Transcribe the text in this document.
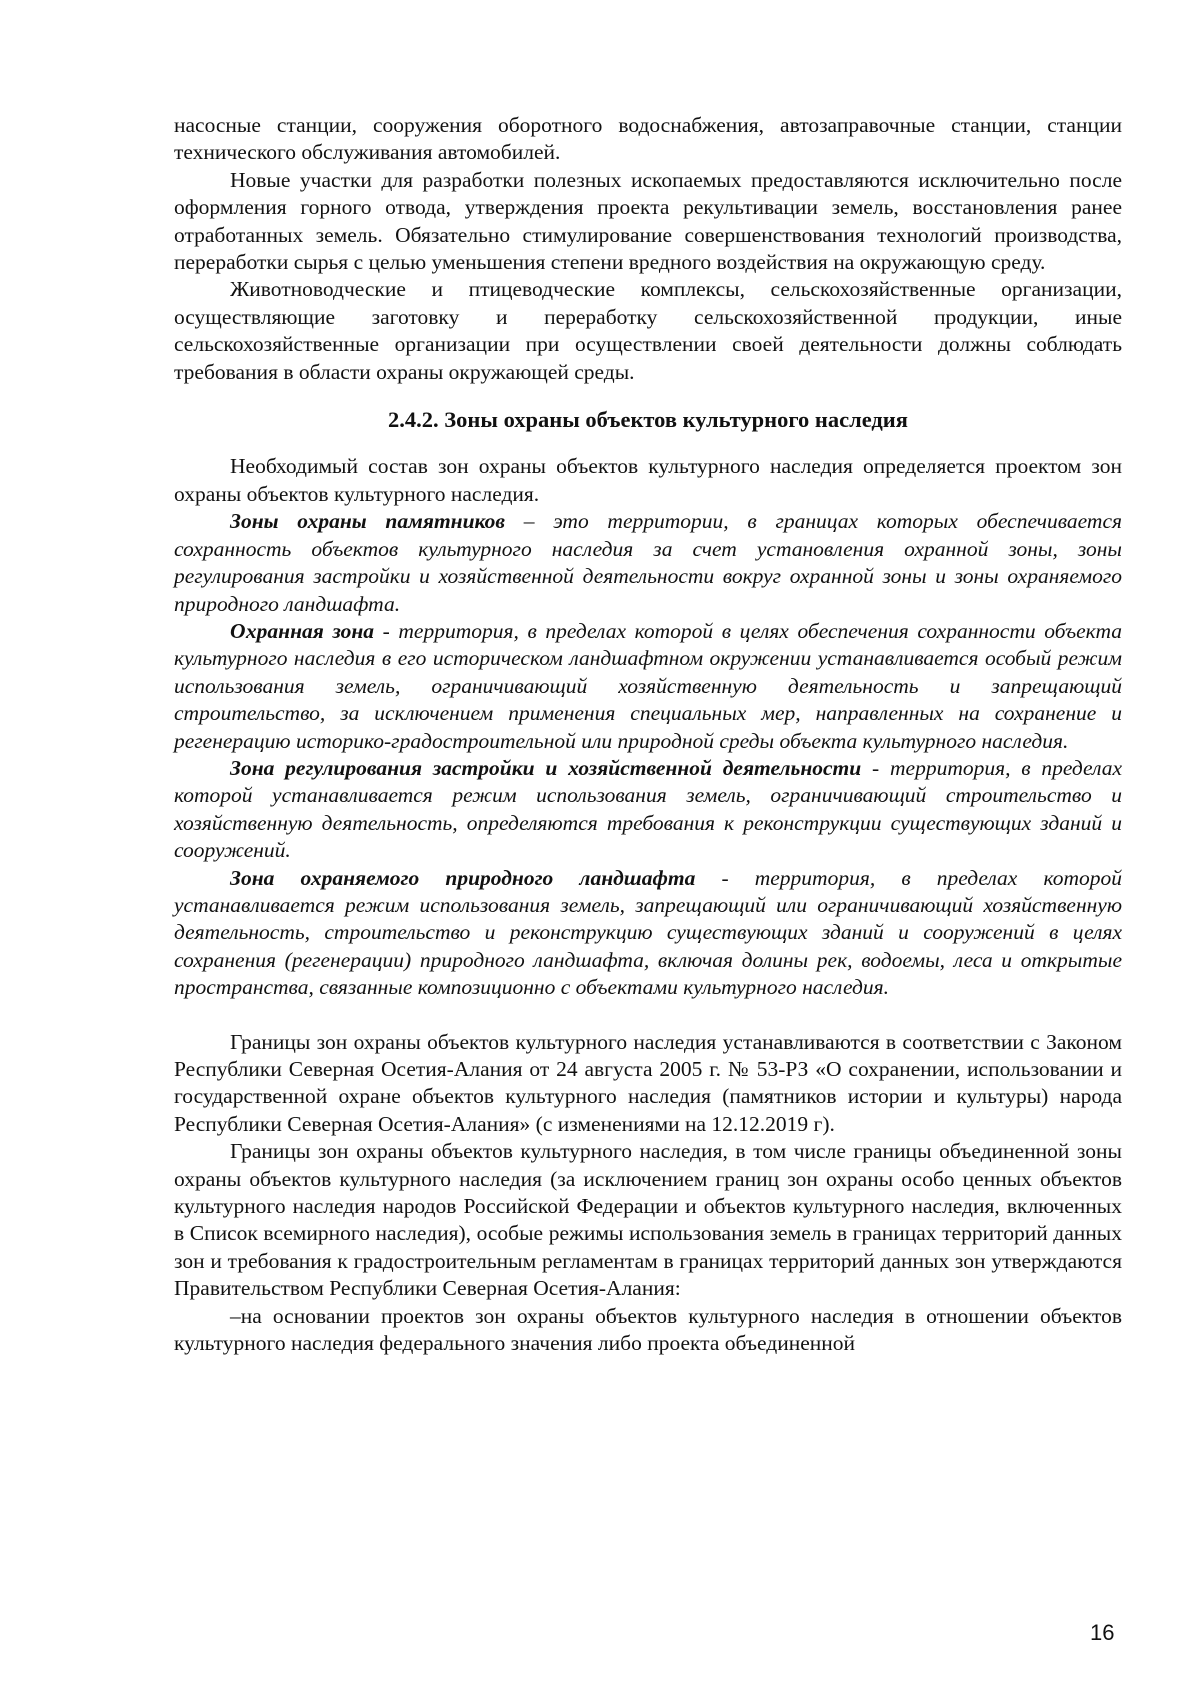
насосные станции, сооружения оборотного водоснабжения, автозаправочные станции, станции технического обслуживания автомобилей.

Новые участки для разработки полезных ископаемых предоставляются исключительно после оформления горного отвода, утверждения проекта рекультивации земель, восстановления ранее отработанных земель. Обязательно стимулирование совершенствования технологий производства, переработки сырья с целью уменьшения степени вредного воздействия на окружающую среду.

Животноводческие и птицеводческие комплексы, сельскохозяйственные организации, осуществляющие заготовку и переработку сельскохозяйственной продукции, иные сельскохозяйственные организации при осуществлении своей деятельности должны соблюдать требования в области охраны окружающей среды.

2.4.2. Зоны охраны объектов культурного наследия

Необходимый состав зон охраны объектов культурного наследия определяется проектом зон охраны объектов культурного наследия.

Зоны охраны памятников – это территории, в границах которых обеспечивается сохранность объектов культурного наследия за счет установления охранной зоны, зоны регулирования застройки и хозяйственной деятельности вокруг охранной зоны и зоны охраняемого природного ландшафта.

Охранная зона - территория, в пределах которой в целях обеспечения сохранности объекта культурного наследия в его историческом ландшафтном окружении устанавливается особый режим использования земель, ограничивающий хозяйственную деятельность и запрещающий строительство, за исключением применения специальных мер, направленных на сохранение и регенерацию историко-градостроительной или природной среды объекта культурного наследия.

Зона регулирования застройки и хозяйственной деятельности - территория, в пределах которой устанавливается режим использования земель, ограничивающий строительство и хозяйственную деятельность, определяются требования к реконструкции существующих зданий и сооружений.

Зона охраняемого природного ландшафта - территория, в пределах которой устанавливается режим использования земель, запрещающий или ограничивающий хозяйственную деятельность, строительство и реконструкцию существующих зданий и сооружений в целях сохранения (регенерации) природного ландшафта, включая долины рек, водоемы, леса и открытые пространства, связанные композиционно с объектами культурного наследия.

Границы зон охраны объектов культурного наследия устанавливаются в соответствии с Законом Республики Северная Осетия-Алания от 24 августа 2005 г. № 53-РЗ «О сохранении, использовании и государственной охране объектов культурного наследия (памятников истории и культуры) народа Республики Северная Осетия-Алания» (с изменениями на 12.12.2019 г).

Границы зон охраны объектов культурного наследия, в том числе границы объединенной зоны охраны объектов культурного наследия (за исключением границ зон охраны особо ценных объектов культурного наследия народов Российской Федерации и объектов культурного наследия, включенных в Список всемирного наследия), особые режимы использования земель в границах территорий данных зон и требования к градостроительным регламентам в границах территорий данных зон утверждаются Правительством Республики Северная Осетия-Алания:

–на основании проектов зон охраны объектов культурного наследия в отношении объектов культурного наследия федерального значения либо проекта объединенной

16
